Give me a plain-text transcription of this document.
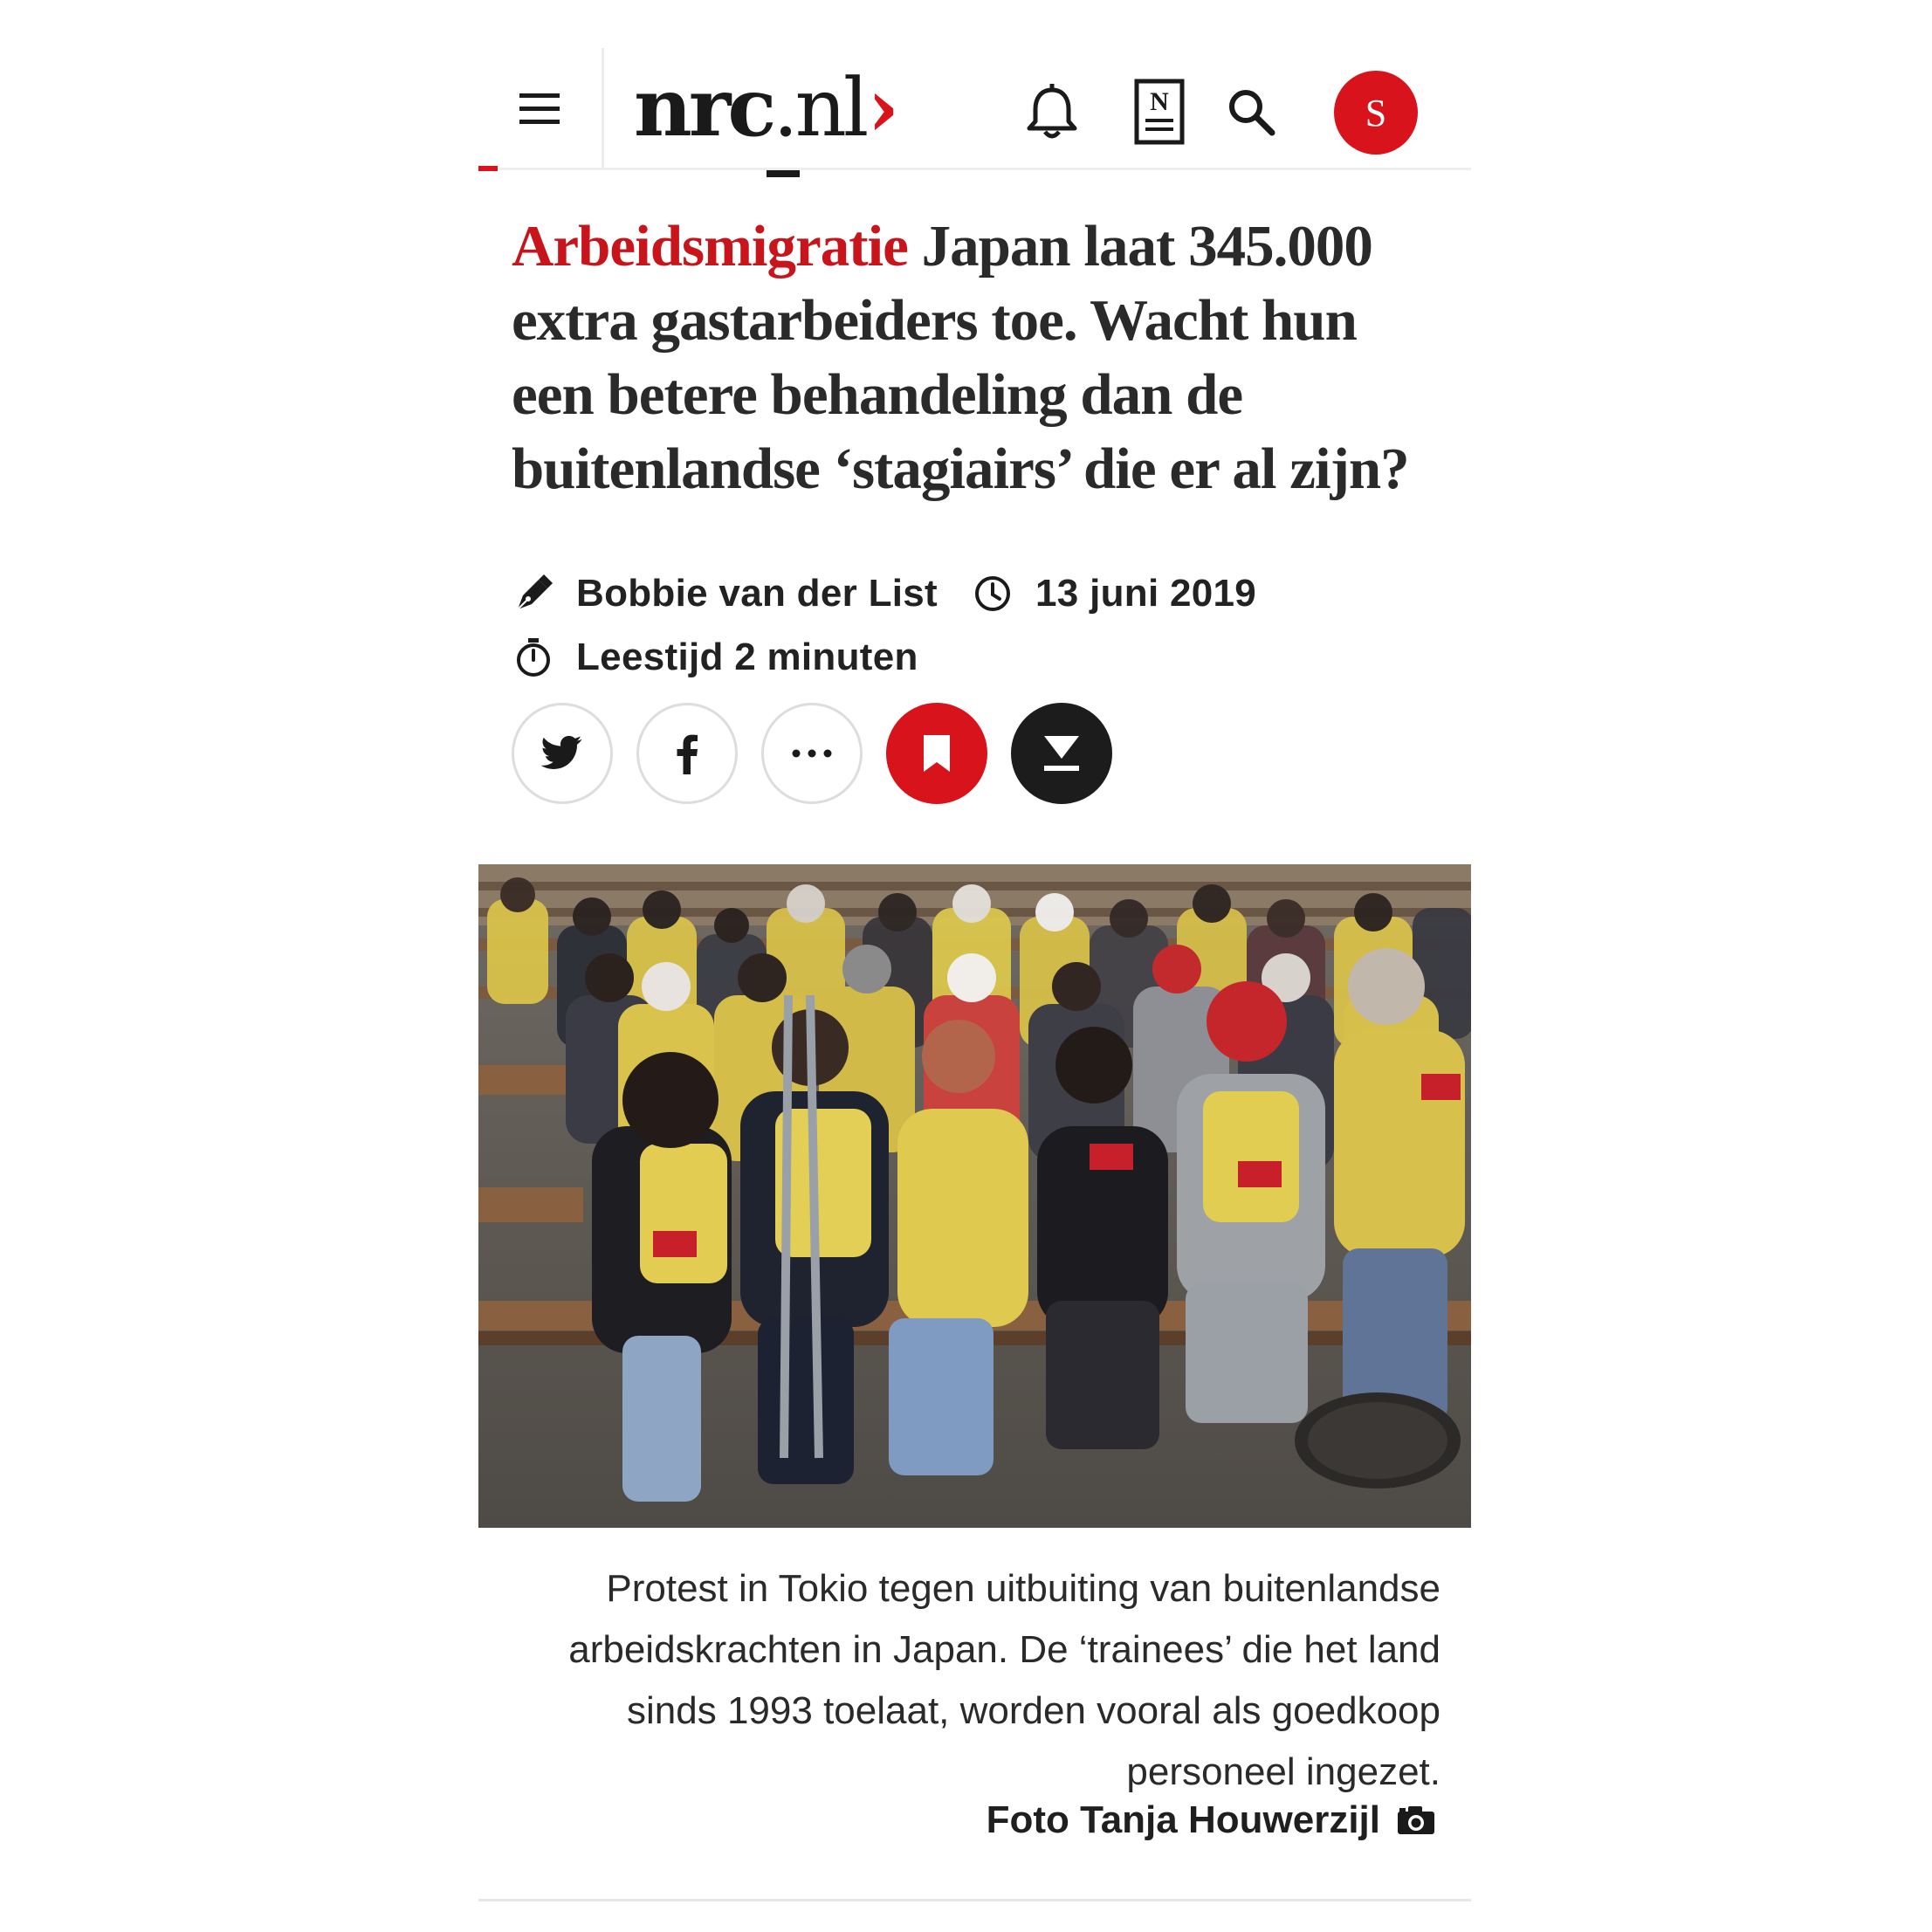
nrc .nl ›	N	S
Arbeidsmigratie Japan laat 345.000 extra gastarbeiders toe. Wacht hun een betere behandeling dan de buitenlandse ‘stagiairs’ die er al zijn?
Bobbie van der List	13 juni 2019
Leestijd 2 minuten

Protest in Tokio tegen uitbuiting van buitenlandse arbeidskrachten in Japan. De ‘trainees’ die het land sinds 1993 toelaat, worden vooral als goedkoop personeel ingezet.

Foto Tanja Houwerzijl
